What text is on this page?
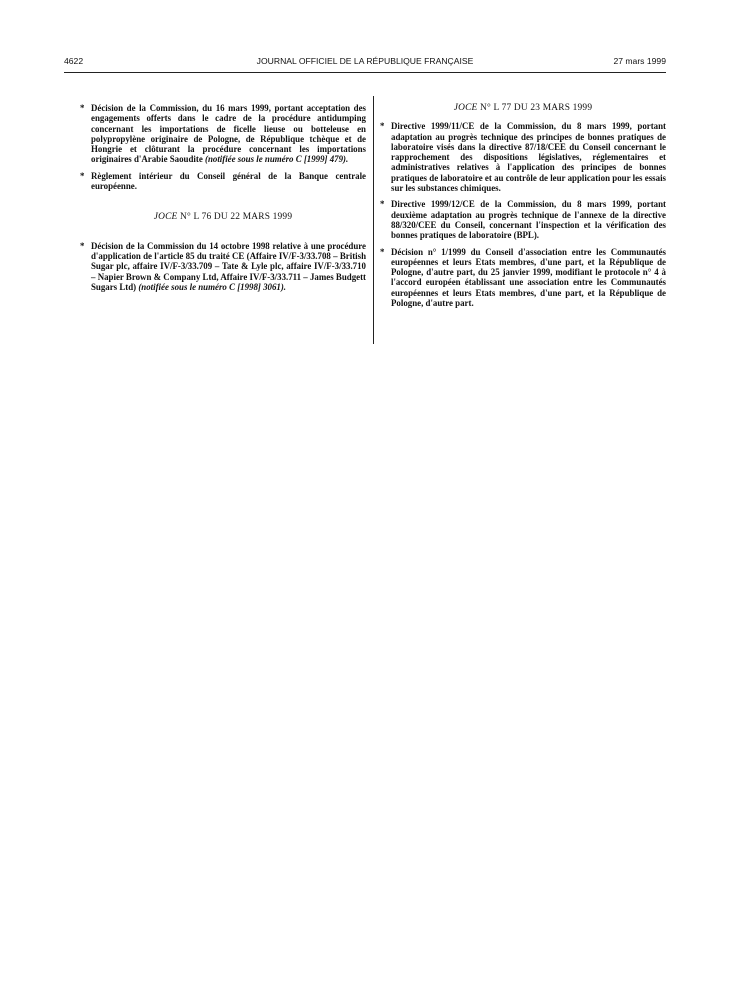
4622	JOURNAL OFFICIEL DE LA RÉPUBLIQUE FRANÇAISE	27 mars 1999
* Décision de la Commission, du 16 mars 1999, portant acceptation des engagements offerts dans le cadre de la procédure antidumping concernant les importations de ficelle lieuse ou botteleuse en polypropylène originaire de Pologne, de République tchèque et de Hongrie et clôturant la procédure concernant les importations originaires d'Arabie Saoudite (notifiée sous le numéro C [1999] 479).
* Règlement intérieur du Conseil général de la Banque centrale européenne.
JOCE N° L 76 DU 22 MARS 1999
* Décision de la Commission du 14 octobre 1998 relative à une procédure d'application de l'article 85 du traité CE (Affaire IV/F-3/33.708 – British Sugar plc, affaire IV/F-3/33.709 – Tate & Lyle plc, affaire IV/F-3/33.710 – Napier Brown & Company Ltd, Affaire IV/F-3/33.711 – James Budgett Sugars Ltd) (notifiée sous le numéro C [1998] 3061).
JOCE N° L 77 DU 23 MARS 1999
* Directive 1999/11/CE de la Commission, du 8 mars 1999, portant adaptation au progrès technique des principes de bonnes pratiques de laboratoire visés dans la directive 87/18/CEE du Conseil concernant le rapprochement des dispositions législatives, réglementaires et administratives relatives à l'application des principes de bonnes pratiques de laboratoire et au contrôle de leur application pour les essais sur les substances chimiques.
* Directive 1999/12/CE de la Commission, du 8 mars 1999, portant deuxième adaptation au progrès technique de l'annexe de la directive 88/320/CEE du Conseil, concernant l'inspection et la vérification des bonnes pratiques de laboratoire (BPL).
* Décision n° 1/1999 du Conseil d'association entre les Communautés européennes et leurs Etats membres, d'une part, et la République de Pologne, d'autre part, du 25 janvier 1999, modifiant le protocole n° 4 à l'accord européen établissant une association entre les Communautés européennes et leurs Etats membres, d'une part, et la République de Pologne, d'autre part.
